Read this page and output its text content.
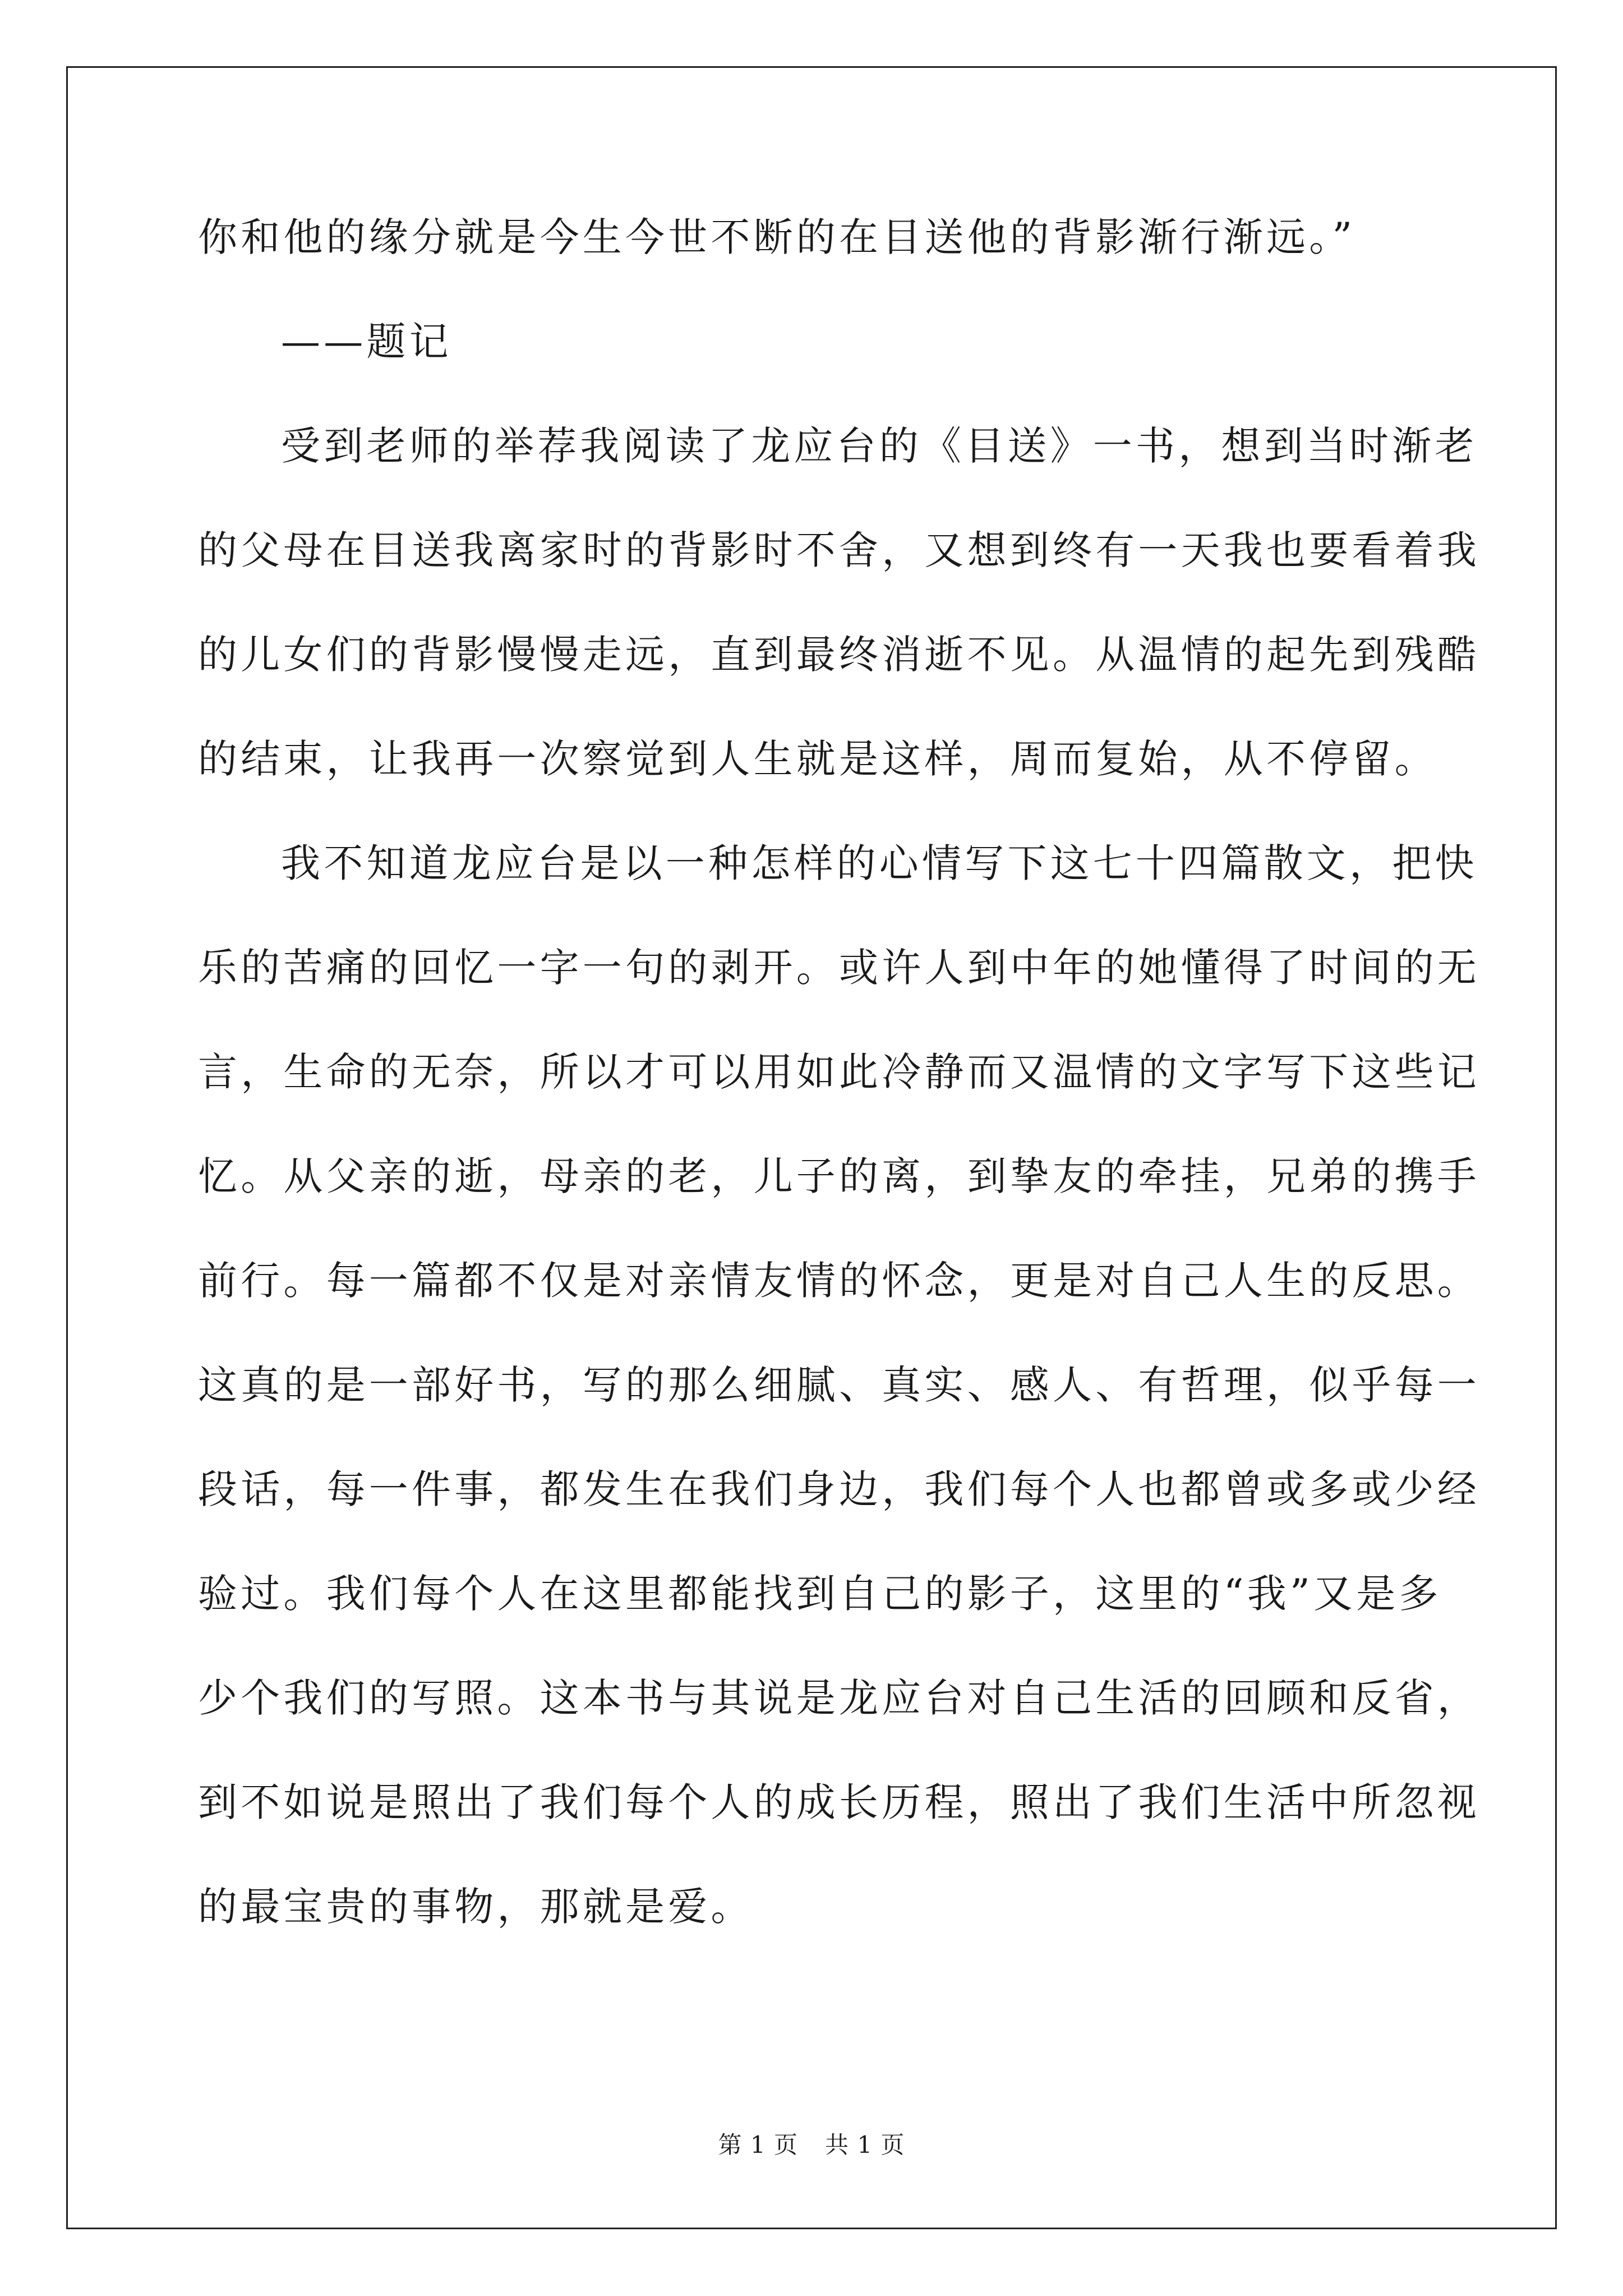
你和他的缘分就是今生今世不断的在目送他的背影渐行渐远。”
——题记
受到老师的举荐我阅读了龙应台的《目送》一书，想到当时渐老
的父母在目送我离家时的背影时不舍，又想到终有一天我也要看着我
的儿女们的背影慢慢走远，直到最终消逝不见。从温情的起先到残酷
的结束，让我再一次察觉到人生就是这样，周而复始，从不停留。
我不知道龙应台是以一种怎样的心情写下这七十四篇散文，把快
乐的苦痛的回忆一字一句的剥开。或许人到中年的她懂得了时间的无
言，生命的无奈，所以才可以用如此冷静而又温情的文字写下这些记
忆。从父亲的逝，母亲的老，儿子的离，到挚友的牵挂，兄弟的携手
前行。每一篇都不仅是对亲情友情的怀念，更是对自己人生的反思。
这真的是一部好书，写的那么细腻、真实、感人、有哲理，似乎每一
段话，每一件事，都发生在我们身边，我们每个人也都曾或多或少经
验过。我们每个人在这里都能找到自己的影子，这里的“我”又是多
少个我们的写照。这本书与其说是龙应台对自己生活的回顾和反省，
到不如说是照出了我们每个人的成长历程，照出了我们生活中所忽视
的最宝贵的事物，那就是爱。
第 1 页 共 1 页
